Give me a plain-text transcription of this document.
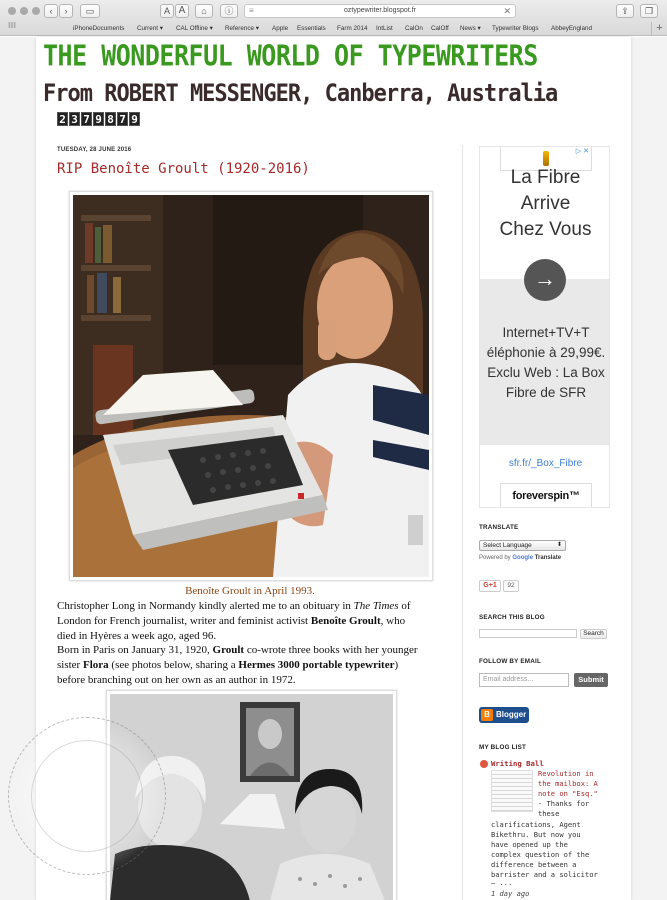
‹	›	▭	A A	⌂	ⓘ	≡	oztypewriter.blogspot.fr	✕	⇪	❐
iPhoneDocuments Current ▾ CAL Offline ▾ Reference ▾ Apple Essentials Farm 2014 IntList CalOn CalOff News ▾ Typewriter Blogs AbbeyEngland	+
THE WONDERFUL WORLD OF TYPEWRITERS
From ROBERT MESSENGER, Canberra, Australia
2 3 7 9 8 7 9
TUESDAY, 28 JUNE 2016
RIP Benoîte Groult (1920-2016)
Benoîte Groult in April 1993.
Christopher Long in Normandy kindly alerted me to an obituary in The Times of
London for French journalist, writer and feminist activist Benoîte Groult, who
died in Hyères a week ago, aged 96.
Born in Paris on January 31, 1920, Groult co-wrote three books with her younger
sister Flora (see photos below, sharing a Hermes 3000 portable typewriter)
before branching out on her own as an author in 1972.
▷ ✕
La Fibre
Arrive
Chez Vous
→
Internet+TV+T éléphonie à 29,99€. Exclu Web : La Box Fibre de SFR
sfr.fr/_Box_Fibre
foreverspin™
TRANSLATE
Select Language	⬍
Powered by Google Translate
G+1	92
SEARCH THIS BLOG
Search
FOLLOW BY EMAIL
Email address...	Submit
B Blogger
MY BLOG LIST
Writing Ball
Revolution in
the mailbox: A
note on "Esq."
- Thanks for
these
clarifications, Agent
Bikethru. But now you
have opened up the
complex question of the
difference between a
barrister and a solicitor
— ...
1 day ago
